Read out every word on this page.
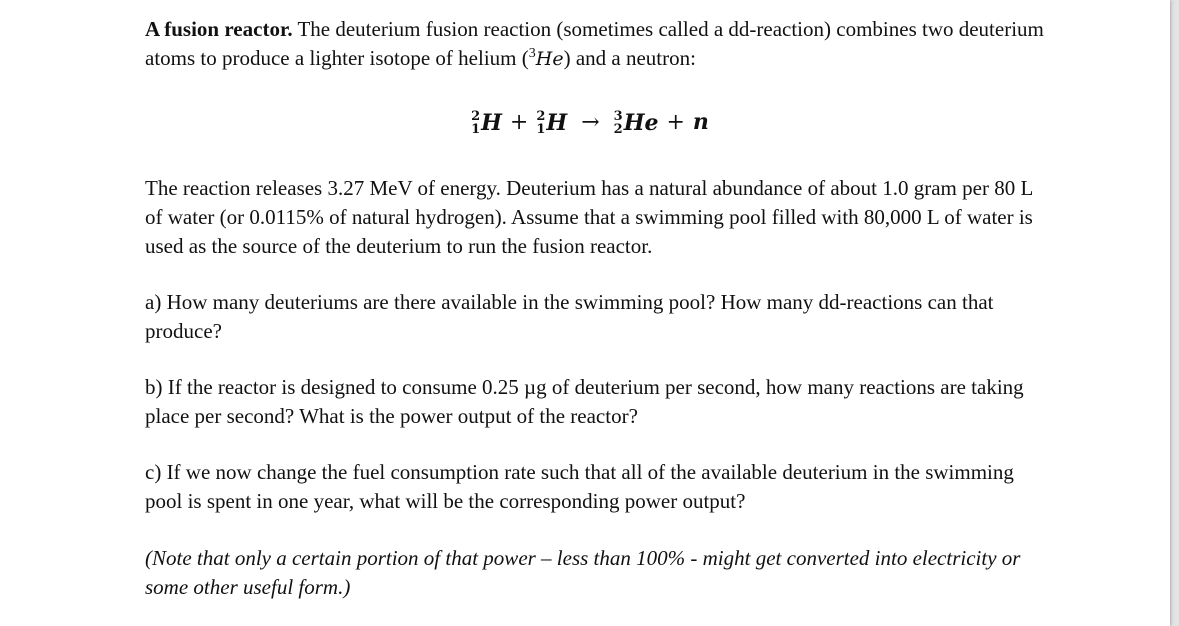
A fusion reactor. The deuterium fusion reaction (sometimes called a dd-reaction) combines two deuterium atoms to produce a lighter isotope of helium ($^3$He) and a neutron:

2
1 H + 2
1 H → 3
2 He + n

The reaction releases 3.27 MeV of energy. Deuterium has a natural abundance of about 1.0 gram per 80 L of water (or 0.0115% of natural hydrogen). Assume that a swimming pool filled with 80,000 L of water is used as the source of the deuterium to run the fusion reactor.

a) How many deuteriums are there available in the swimming pool? How many dd-reactions can that produce?

b) If the reactor is designed to consume 0.25 µg of deuterium per second, how many reactions are taking place per second? What is the power output of the reactor?

c) If we now change the fuel consumption rate such that all of the available deuterium in the swimming pool is spent in one year, what will be the corresponding power output?

(Note that only a certain portion of that power – less than 100% - might get converted into electricity or some other useful form.)
